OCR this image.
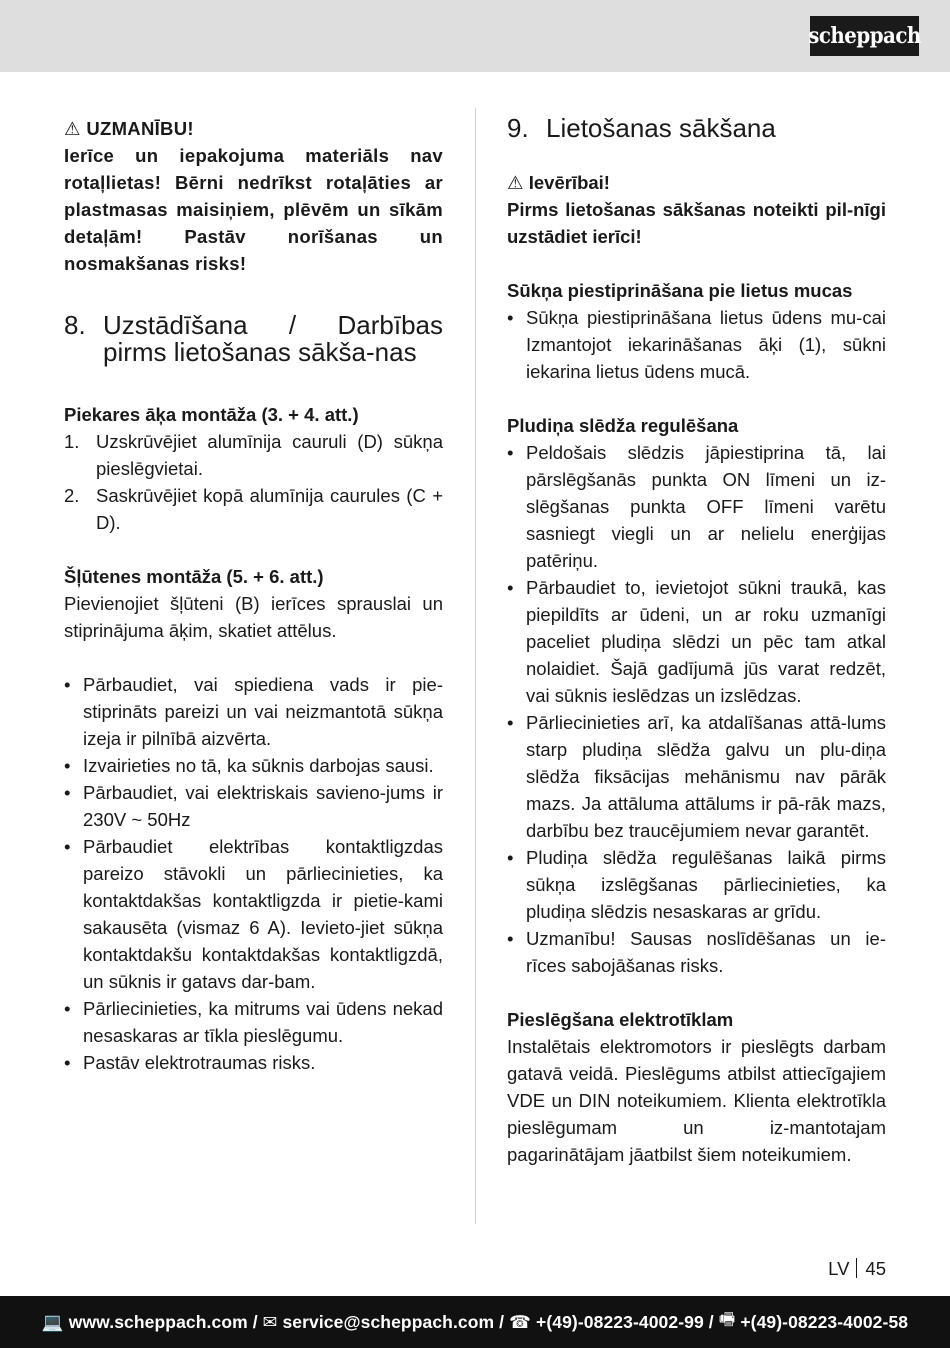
scheppach
⚠ UZMANĪBU!

Ierīce un iepakojuma materiāls nav rotaļlietas! Bērni nedrīkst rotaļāties ar plastmasas maisiņiem, plēvēm un sīkām detaļām! Pastāv norīšanas un nosmakšanas risks!

8. Uzstādīšana / Darbības pirms lietošanas sākša-nas
Piekares āķa montāža (3. + 4. att.)
1. Uzskrūvējiet alumīnija cauruli (D) sūkņa pieslēgvietai.
2. Saskrūvējiet kopā alumīnija caurules (C + D).
Šļūtenes montāža (5. + 6. att.)

Pievienojiet šļūteni (B) ierīces sprauslai un stiprinājuma āķim, skatiet attēlus.

• Pārbaudiet, vai spiediena vads ir pie-stiprināts pareizi un vai neizmantotā sūkņa izeja ir pilnībā aizvērta.
• Izvairieties no tā, ka sūknis darbojas sausi.
• Pārbaudiet, vai elektriskais savieno-jums ir 230V ~ 50Hz
• Pārbaudiet elektrības kontaktligzdas pareizo stāvokli un pārliecinieties, ka kontaktdakšas kontaktligzda ir pietie-kami sakausēta (vismaz 6 A). Ievieto-jiet sūkņa kontaktdakšu kontaktdakšas kontaktligzdā, un sūknis ir gatavs dar-bam.
• Pārliecinieties, ka mitrums vai ūdens nekad nesaskaras ar tīkla pieslēgumu.
• Pastāv elektrotraumas risks.
9. Lietošanas sākšana
⚠ Ievērībai!

Pirms lietošanas sākšanas noteikti pil-nīgi uzstādiet ierīci!

Sūkņa piestiprināšana pie lietus mucas
• Sūkņa piestiprināšana lietus ūdens mu-cai Izmantojot iekarināšanas āķi (1), sūkni iekarina lietus ūdens mucā.
Pludiņa slēdža regulēšana
• Peldošais slēdzis jāpiestiprina tā, lai pārslēgšanās punkta ON līmeni un iz-slēgšanas punkta OFF līmeni varētu sasniegt viegli un ar nelielu enerģijas patēriņu.
• Pārbaudiet to, ievietojot sūkni traukā, kas piepildīts ar ūdeni, un ar roku uzmanīgi paceliet pludiņa slēdzi un pēc tam atkal nolaidiet. Šajā gadījumā jūs varat redzēt, vai sūknis ieslēdzas un izslēdzas.
• Pārliecinieties arī, ka atdalīšanas attā-lums starp pludiņa slēdža galvu un plu-diņa slēdža fiksācijas mehānismu nav pārāk mazs. Ja attāluma attālums ir pā-rāk mazs, darbību bez traucējumiem nevar garantēt.
• Pludiņa slēdža regulēšanas laikā pirms sūkņa izslēgšanas pārliecinieties, ka pludiņa slēdzis nesaskaras ar grīdu.
• Uzmanību! Sausas noslīdēšanas un ie-rīces sabojāšanas risks.
Pieslēgšana elektrotīklam

Instalētais elektromotors ir pieslēgts darbam gatavā veidā. Pieslēgums atbilst attiecīgajiem VDE un DIN noteikumiem. Klienta elektrotīkla pieslēgumam un iz-mantotajam pagarinātājam jāatbilst šiem noteikumiem.

LV 45
💻 www.scheppach.com /
✉ service@scheppach.com /
☎ +(49)-08223-4002-99 /
🖷 +(49)-08223-4002-58
